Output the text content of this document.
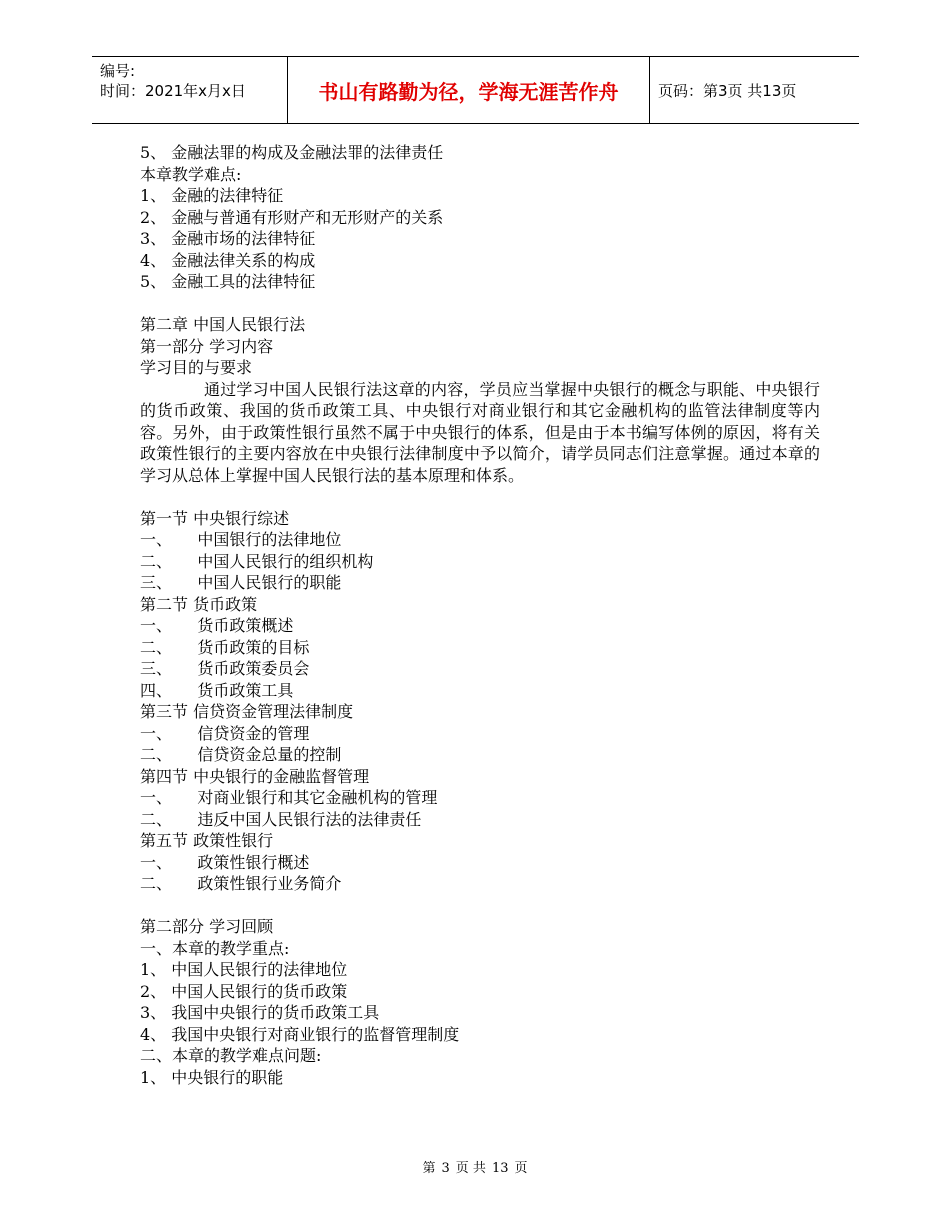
编号:
时间：2021年x月x日	书山有路勤为径，学海无涯苦作舟	页码：第3页 共13页
5、 金融法罪的构成及金融法罪的法律责任
本章教学难点:
1、 金融的法律特征
2、 金融与普通有形财产和无形财产的关系
3、 金融市场的法律特征
4、 金融法律关系的构成
5、 金融工具的法律特征
第二章 中国人民银行法
第一部分 学习内容
学习目的与要求
通过学习中国人民银行法这章的内容，学员应当掌握中央银行的概念与职能、中央银行的货币政策、我国的货币政策工具、中央银行对商业银行和其它金融机构的监管法律制度等内容。另外，由于政策性银行虽然不属于中央银行的体系，但是由于本书编写体例的原因，将有关政策性银行的主要内容放在中央银行法律制度中予以简介，请学员同志们注意掌握。通过本章的学习从总体上掌握中国人民银行法的基本原理和体系。
第一节 中央银行综述
一、     中国银行的法律地位
二、     中国人民银行的组织机构
三、     中国人民银行的职能
第二节 货币政策
一、     货币政策概述
二、     货币政策的目标
三、     货币政策委员会
四、     货币政策工具
第三节 信贷资金管理法律制度
一、     信贷资金的管理
二、     信贷资金总量的控制
第四节 中央银行的金融监督管理
一、     对商业银行和其它金融机构的管理
二、     违反中国人民银行法的法律责任
第五节 政策性银行
一、     政策性银行概述
二、     政策性银行业务简介
第二部分 学习回顾
一、本章的教学重点:
1、 中国人民银行的法律地位
2、 中国人民银行的货币政策
3、 我国中央银行的货币政策工具
4、 我国中央银行对商业银行的监督管理制度
二、本章的教学难点问题:
1、 中央银行的职能
第 3 页 共 13 页
